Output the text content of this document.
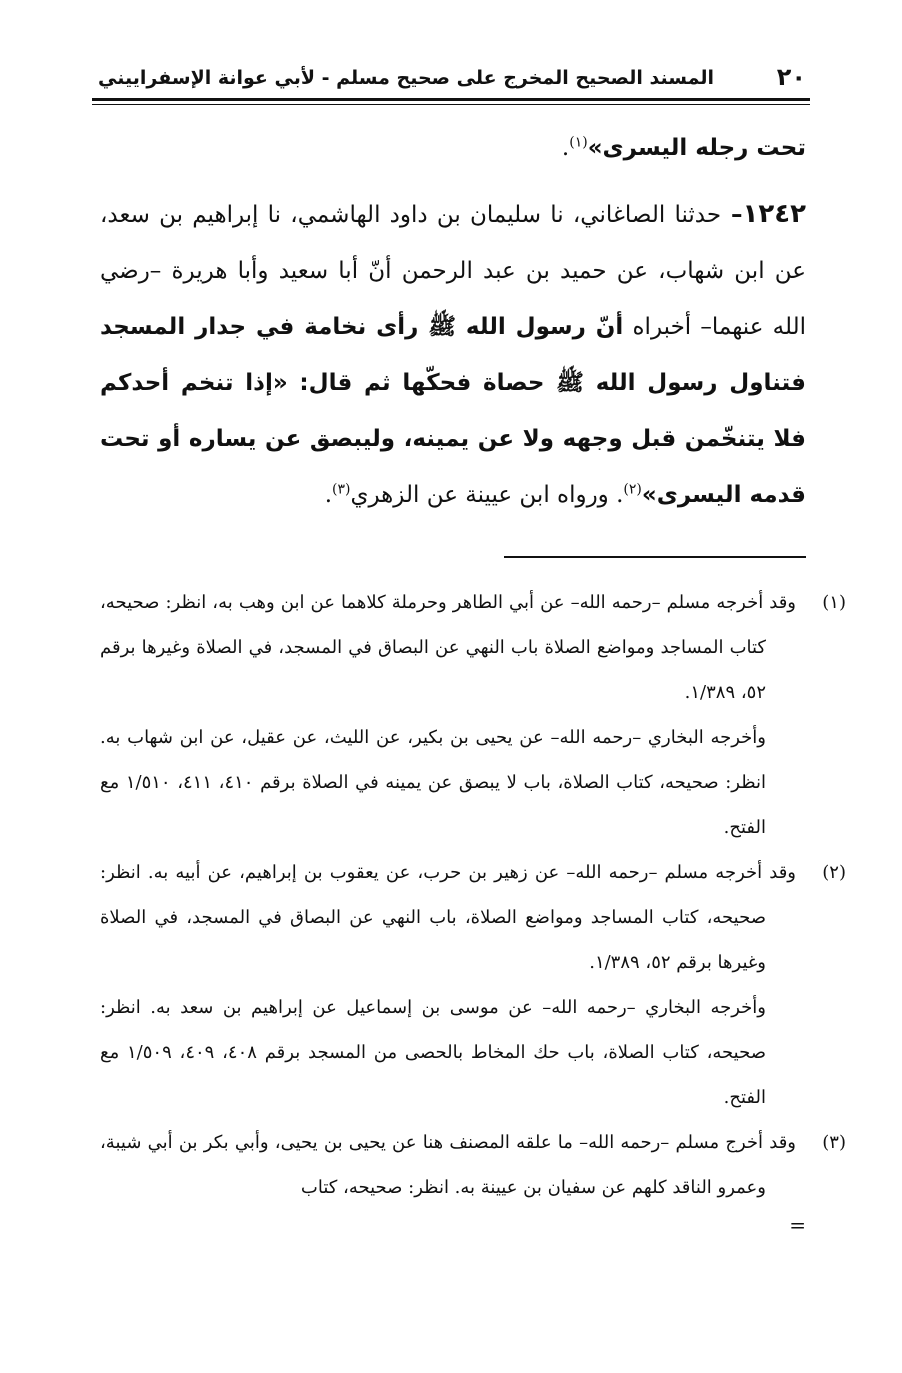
٢٠
المسند الصحيح المخرج على صحيح مسلم - لأبي عوانة الإسفراييني

تحت رجله اليسرى»$^{(١)}$.

١٢٤٢– حدثنا الصاغاني، نا سليمان بن داود الهاشمي، نا إبراهيم بن سعد، عن ابن شهاب، عن حميد بن عبد الرحمن أنّ أبا سعيد وأبا هريرة –رضي الله عنهما– أخبراه أنّ رسول الله ﷺ رأى نخامة في جدار المسجد فتناول رسول الله ﷺ حصاة فحكّها ثم قال: «إذا تنخم أحدكم فلا يتنخّمن قبل وجهه ولا عن يمينه، وليبصق عن يساره أو تحت قدمه اليسرى»$^{(٢)}$. ورواه ابن عيينة عن الزهري$^{(٣)}$.

(١)وقد أخرجه مسلم –رحمه الله– عن أبي الطاهر وحرملة كلاهما عن ابن وهب به، انظر: صحيحه، كتاب المساجد ومواضع الصلاة باب النهي عن البصاق في المسجد، في الصلاة وغيرها برقم ٥٢، ١/٣٨٩.

وأخرجه البخاري –رحمه الله– عن يحيى بن بكير، عن الليث، عن عقيل، عن ابن شهاب به. انظر: صحيحه، كتاب الصلاة، باب لا يبصق عن يمينه في الصلاة برقم ٤١٠، ٤١١، ١/٥١٠ مع الفتح.

(٢)وقد أخرجه مسلم –رحمه الله– عن زهير بن حرب، عن يعقوب بن إبراهيم، عن أبيه به. انظر: صحيحه، كتاب المساجد ومواضع الصلاة، باب النهي عن البصاق في المسجد، في الصلاة وغيرها برقم ٥٢، ١/٣٨٩.

وأخرجه البخاري –رحمه الله– عن موسى بن إسماعيل عن إبراهيم بن سعد به. انظر: صحيحه، كتاب الصلاة، باب حك المخاط بالحصى من المسجد برقم ٤٠٨، ٤٠٩، ١/٥٠٩ مع الفتح.

(٣)وقد أخرج مسلم –رحمه الله– ما علقه المصنف هنا عن يحيى بن يحيى، وأبي بكر بن أبي شيبة، وعمرو الناقد كلهم عن سفيان بن عيينة به. انظر: صحيحه، كتاب

=
